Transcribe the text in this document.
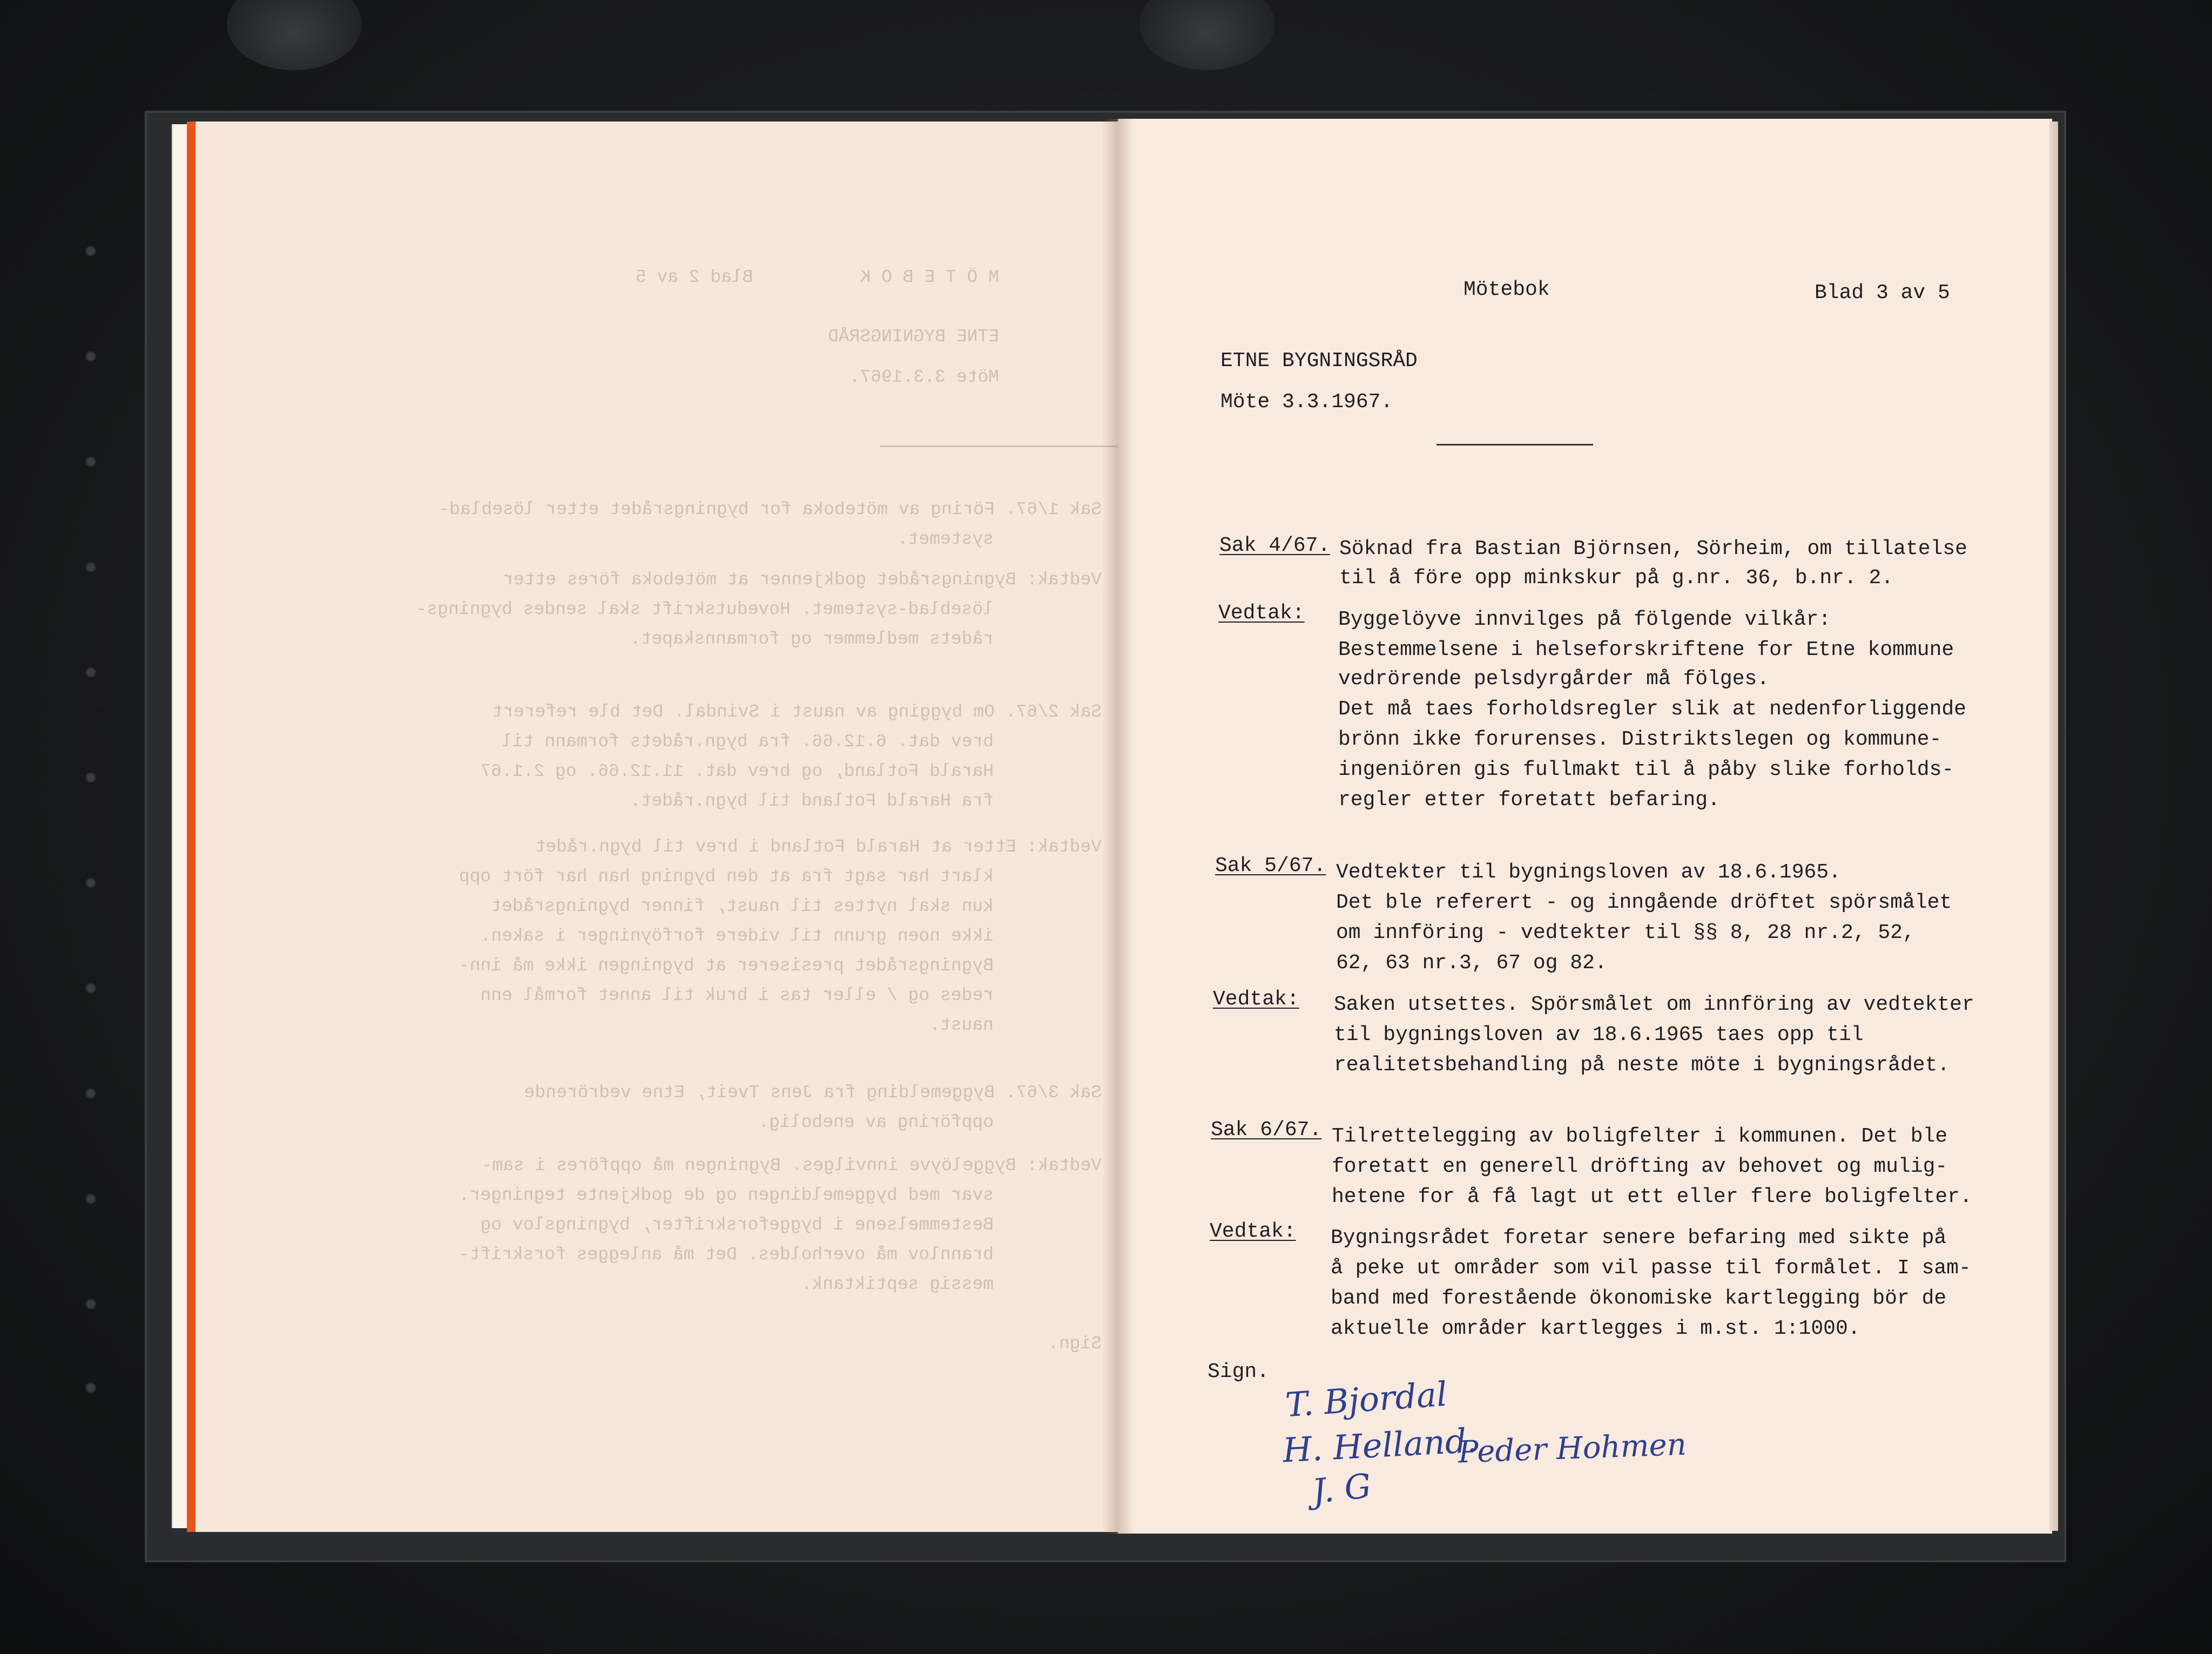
M Ö T E B O K          Blad 2 av 5
ETNE BYGNINGSRÅD
Möte 3.3.1967.
Sak 1/67. Föring av möteboka for bygningsrådet etter löseblad-
systemet.
Vedtak: Bygningsrådet godkjenner at möteboka föres etter
löseblad-systemet. Hovedutskrift skal sendes bygnings-
rådets medlemmer og formannskapet.
Sak 2/67. Om bygging av naust i Svindal. Det ble referert
brev dat. 6.12.66. fra bygn.rådets formann til
Harald Fotland, og brev dat. 11.12.66. og 2.1.67
fra Harald Fotland til bygn.rådet.
Vedtak: Etter at Harald Fotland i brev til bygn.rådet
klart har sagt fra at den bygning han har fört opp
kun skal nyttes til naust, finner bygningsrådet
ikke noen grunn til videre forföyninger i saken.
Bygningsrådet presiserer at bygningen ikke må inn-
redes og / eller tas i bruk til annet formål enn
naust.
Sak 3/67. Byggemelding fra Jens Tveit, Etne vedrörende
oppföring av enebolig.
Vedtak: Byggelöyve innvilges. Bygningen må oppföres i sam-
svar med byggemeldingen og de godkjente tegninger.
Bestemmelsene i byggeforskrifter, bygningslov og
brannlov må overholdes. Det må anlegges forskrift-
messig septiktank.
Sign.
Mötebok	Blad 3 av 5
ETNE BYGNINGSRÅD
Möte 3.3.1967.
Sak 4/67. Söknad fra Bastian Björnsen, Sörheim, om tillatelse
til å före opp minkskur på g.nr. 36, b.nr. 2.
Vedtak: Byggelöyve innvilges på fölgende vilkår:
Bestemmelsene i helseforskriftene for Etne kommune
vedrörende pelsdyrgårder må fölges.
Det må taes forholdsregler slik at nedenforliggende
brönn ikke forurenses. Distriktslegen og kommune-
ingeniören gis fullmakt til å påby slike forholds-
regler etter foretatt befaring.
Sak 5/67. Vedtekter til bygningsloven av 18.6.1965.
Det ble referert - og inngående dröftet spörsmålet
om innföring - vedtekter til §§ 8, 28 nr.2, 52,
62, 63 nr.3, 67 og 82.
Vedtak: Saken utsettes. Spörsmålet om innföring av vedtekter
til bygningsloven av 18.6.1965 taes opp til
realitetsbehandling på neste möte i bygningsrådet.
Sak 6/67. Tilrettelegging av boligfelter i kommunen. Det ble
foretatt en generell dröfting av behovet og mulig-
hetene for å få lagt ut ett eller flere boligfelter.
Vedtak: Bygningsrådet foretar senere befaring med sikte på
å peke ut områder som vil passe til formålet. I sam-
band med forestående ökonomiske kartlegging bör de
aktuelle områder kartlegges i m.st. 1:1000.
Sign.
T. Bjordal
H. Helland.
Peder Hohmen
J. G
